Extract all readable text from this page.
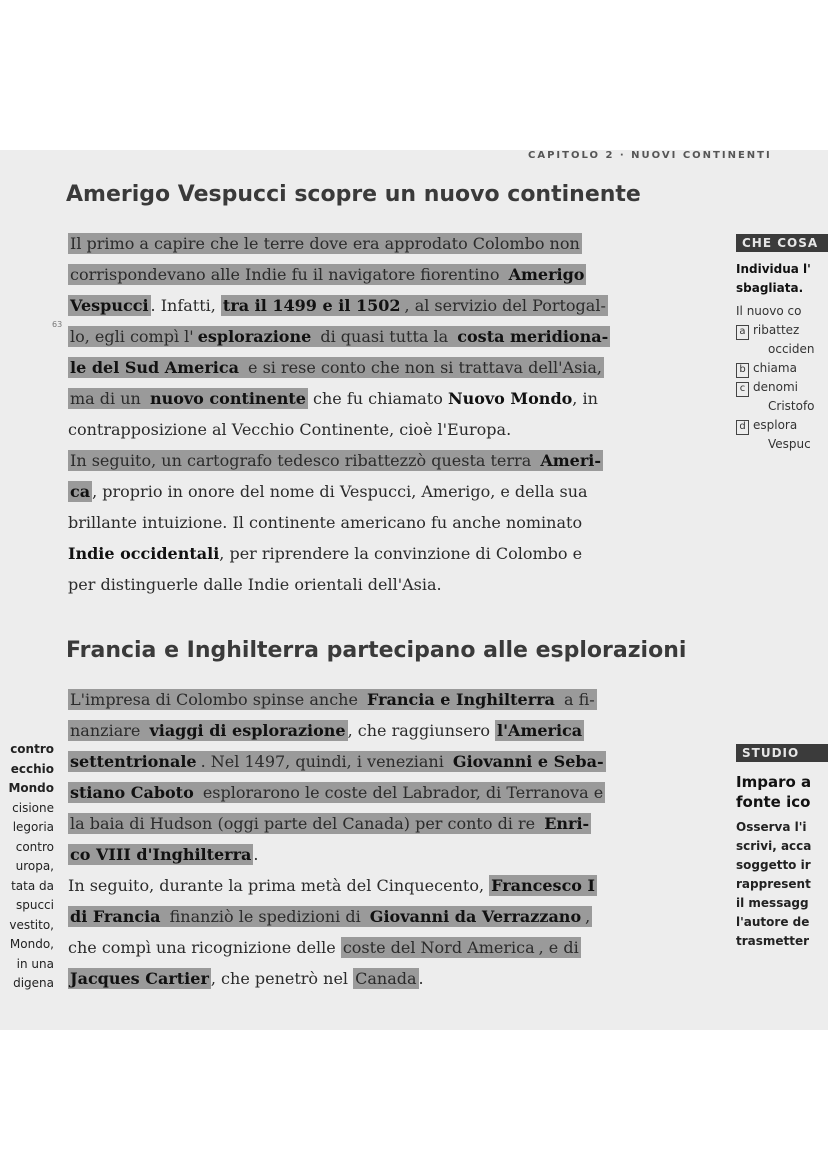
CAPITOLO 2 · NUOVI CONTINENTI
63
Amerigo Vespucci scopre un nuovo continente
Il primo a capire che le terre dove era approdato Colombo non
corrispondevano alle Indie fu il navigatore fiorentino Amerigo
Vespucci . Infatti, tra il 1499 e il 1502 , al servizio del Portogal-
lo, egli compì l' esplorazione di quasi tutta la costa meridiona-
le del Sud America e si rese conto che non si trattava dell'Asia,
ma di un nuovo continente che fu chiamato Nuovo Mondo, in
contrapposizione al Vecchio Continente, cioè l'Europa.
In seguito, un cartografo tedesco ribattezzò questa terra Ameri-
ca , proprio in onore del nome di Vespucci, Amerigo, e della sua
brillante intuizione. Il continente americano fu anche nominato
Indie occidentali, per riprendere la convinzione di Colombo e
per distinguerle dalle Indie orientali dell'Asia.
Francia e Inghilterra partecipano alle esplorazioni
L'impresa di Colombo spinse anche Francia e Inghilterra a fi-
nanziare viaggi di esplorazione , che raggiunsero l'America
settentrionale . Nel 1497, quindi, i veneziani Giovanni e Seba-
stiano Caboto esplorarono le coste del Labrador, di Terranova e
la baia di Hudson (oggi parte del Canada) per conto di re Enri-
co VIII d'Inghilterra .
In seguito, durante la prima metà del Cinquecento, Francesco I
di Francia finanziò le spedizioni di Giovanni da Verrazzano ,
che compì una ricognizione delle coste del Nord America , e di
Jacques Cartier , che penetrò nel Canada .
CHE COSA
Individua l'
sbagliata.
Il nuovo co
a ribattez
occiden
b chiama
c denomi
Cristofo
d esplora
Vespuc
STUDIO
Imparo a
fonte ico
Osserva l'i
scrivi, acca
soggetto ir
rappresent
il messagg
l'autore de
trasmetter
contro
ecchio
Mondo
cisione
legoria
contro
uropa,
tata da
spucci
vestito,
Mondo,
in una
digena
